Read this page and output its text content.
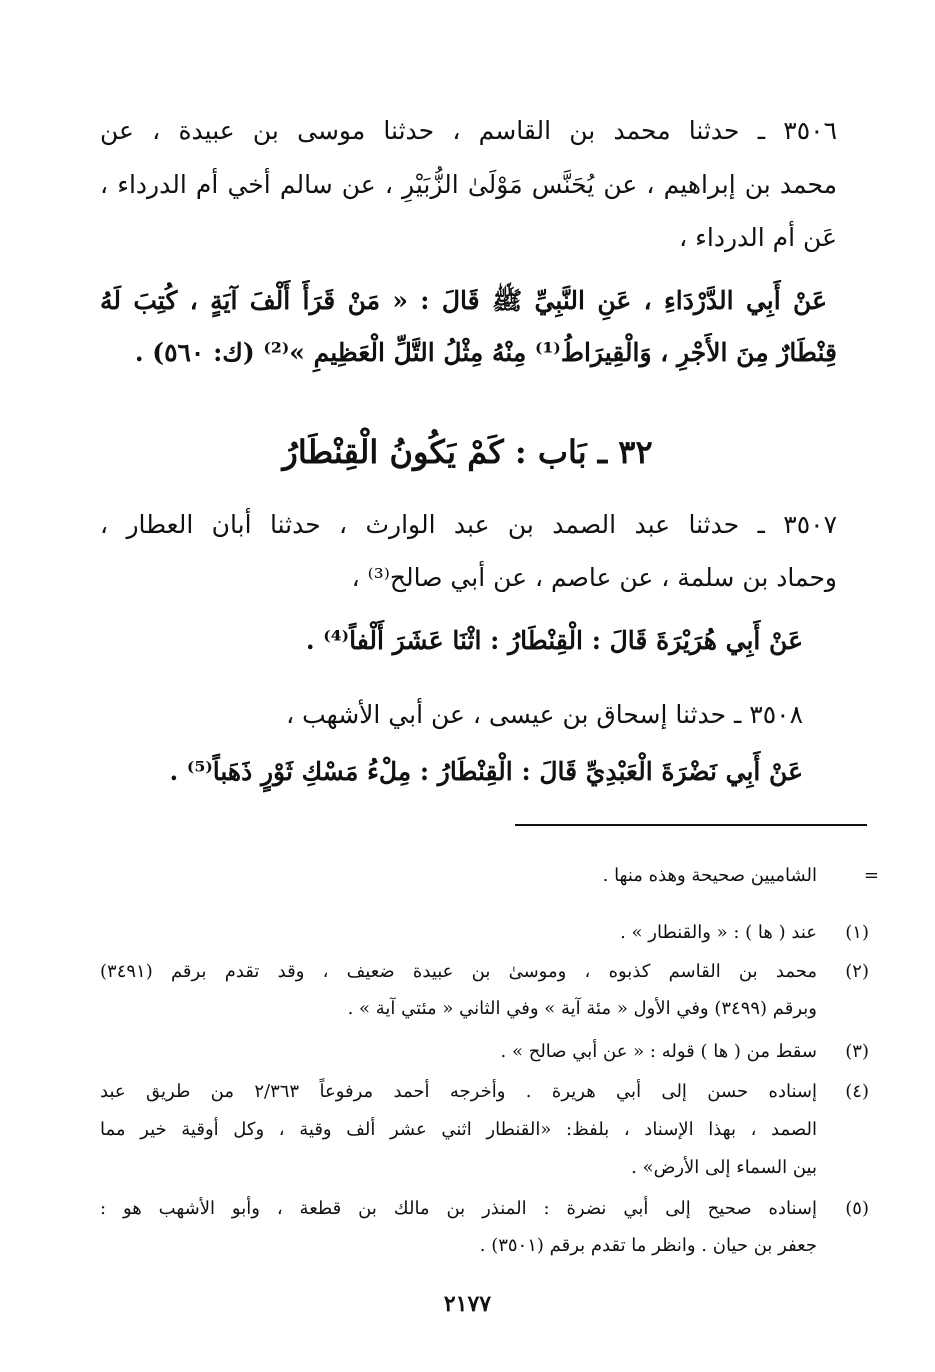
٣٥٠٦ ـ حدثنا محمد بن القاسم ، حدثنا موسى بن عبيدة ، عن
محمد بن إبراهيم ، عن يُحَنَّس مَوْلَىٰ الزُّبَيْرِ ، عن سالم أخي أم الدرداء ،
عَن أم الدرداء ،
عَنْ أَبِي الدَّرْدَاءِ ، عَنِ النَّبِيِّ ﷺ قَالَ : « مَنْ قَرَأَ أَلْفَ آيَةٍ ، كُتِبَ لَهُ
قِنْطَارٌ مِنَ الأَجْرِ ، وَالْقِيرَاطُ⁽¹⁾ مِنْهُ مِثْلُ التَّلِّ الْعَظِيمِ »⁽²⁾ (ك: ٥٦٠) .
٣٢ ـ بَاب : كَمْ يَكُونُ الْقِنْطَارُ
٣٥٠٧ ـ حدثنا عبد الصمد بن عبد الوارث ، حدثنا أبان العطار ،
وحماد بن سلمة ، عن عاصم ، عن أبي صالح⁽³⁾ ،
عَنْ أَبِي هُرَيْرَةَ قَالَ : الْقِنْطَارُ : اثْنَا عَشَرَ أَلْفاً⁽⁴⁾ .
٣٥٠٨ ـ حدثنا إسحاق بن عيسى ، عن أبي الأشهب ،
عَنْ أَبِي نَضْرَةَ الْعَبْدِيِّ قَالَ : الْقِنْطَارُ : مِلْءُ مَسْكِ ثَوْرٍ ذَهَباً⁽⁵⁾ .
=
الشاميين صحيحة وهذه منها .
(١)
عند ( ها ) : « والقنطار » .
(٢)
محمد بن القاسم كذبوه ، وموسىٰ بن عبيدة ضعيف ، وقد تقدم برقم (٣٤٩١)
وبرقم (٣٤٩٩) وفي الأول « مئة آية » وفي الثاني « مئتي آية » .
(٣)
سقط من ( ها ) قوله : « عن أبي صالح » .
(٤)
إسناده حسن إلى أبي هريرة . وأخرجه أحمد مرفوعاً ٢/٣٦٣ من طريق عبد
الصمد ، بهذا الإسناد ، بلفظ: «القنطار اثني عشر ألف وقية ، وكل أوقية خير مما
بين السماء إلى الأرض» .
(٥)
إسناده صحيح إلى أبي نضرة : المنذر بن مالك بن قطعة ، وأبو الأشهب هو :
جعفر بن حيان . وانظر ما تقدم برقم (٣٥٠١) .
٢١٧٧
